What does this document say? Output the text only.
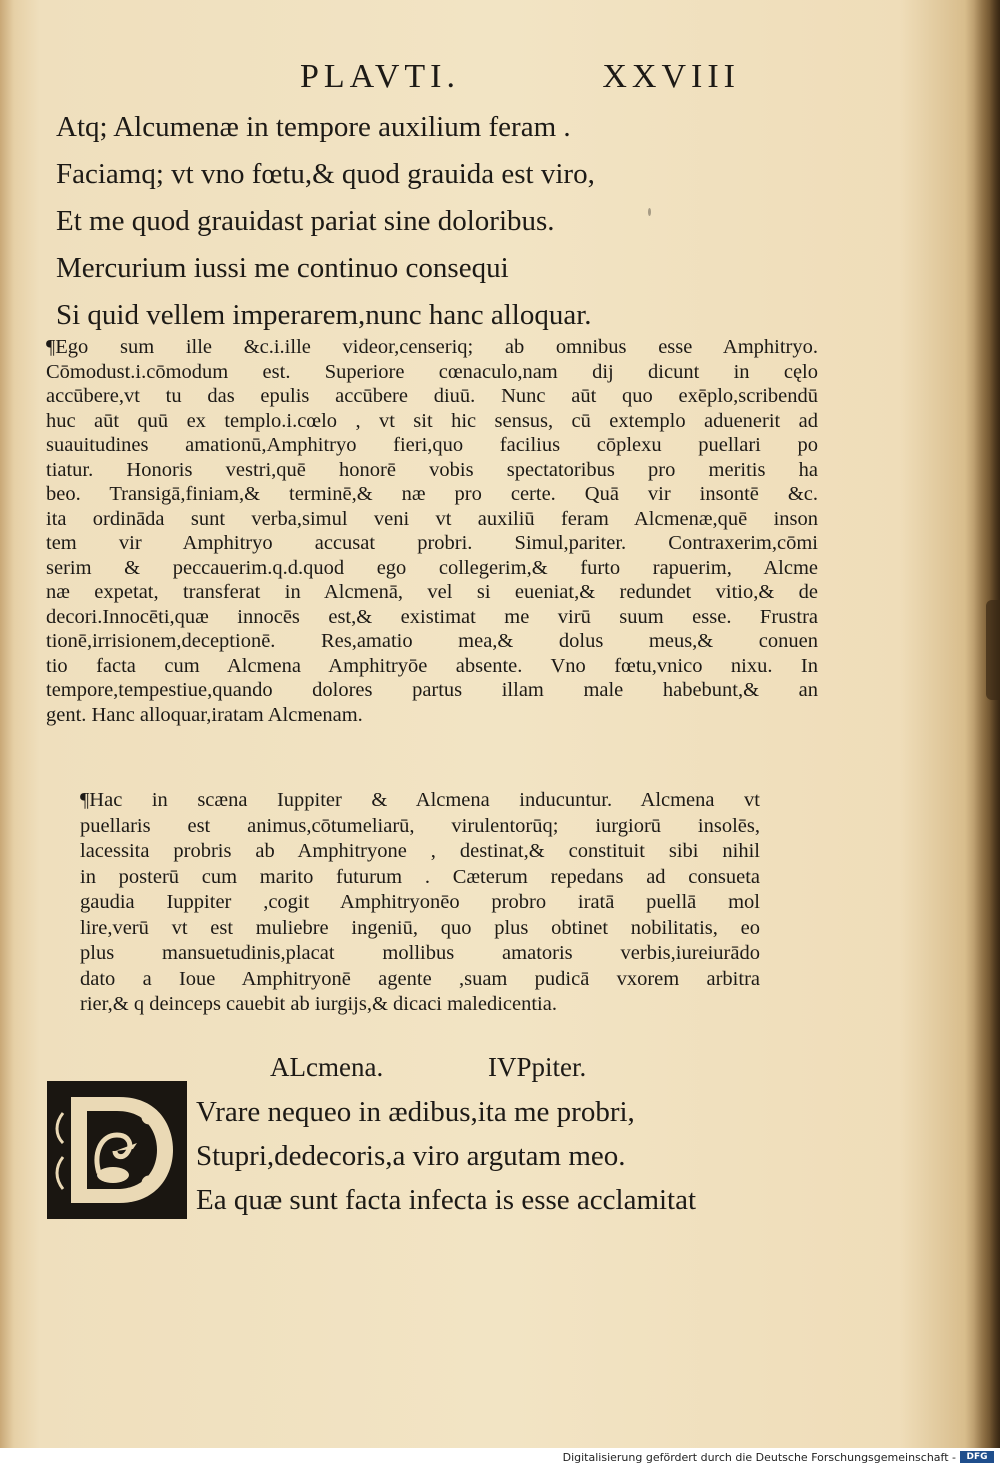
PLAVTI.	XXVIII
Atq; Alcumenæ in tempore auxilium feram .
Faciamq; vt vno fœtu,& quod grauida est viro,
Et me quod grauidast pariat sine doloribus.
Mercurium iussi me continuo consequi
Si quid vellem imperarem,nunc hanc alloquar.
¶Ego sum ille &c.i.ille videor,censeriq; ab omnibus esse Amphitryo.
Cōmodust.i.cōmodum est. Superiore cœnaculo,nam dij dicunt in cęlo
accūbere,vt tu das epulis accūbere diuū. Nunc aūt quo exēplo,scribendū
huc aūt quū ex templo.i.cœlo , vt sit hic sensus, cū extemplo aduenerit ad
suauitudines amationū,Amphitryo fieri,quo facilius cōplexu puellari po
tiatur. Honoris vestri,quē honorē vobis spectatoribus pro meritis ha
beo. Transigā,finiam,& terminē,& næ pro certe. Quā vir insontē &c.
ita ordināda sunt verba,simul veni vt auxiliū feram Alcmenæ,quē inson
tem vir Amphitryo accusat probri. Simul,pariter. Contraxerim,cōmi
serim & peccauerim.q.d.quod ego collegerim,& furto rapuerim, Alcme
næ expetat, transferat in Alcmenā, vel si eueniat,& redundet vitio,& de
decori.Innocēti,quæ innocēs est,& existimat me virū suum esse. Frustra
tionē,irrisionem,deceptionē. Res,amatio mea,& dolus meus,& conuen
tio facta cum Alcmena Amphitryōe absente. Vno fœtu,vnico nixu. In
tempore,tempestiue,quando dolores partus illam male habebunt,& an
gent. Hanc alloquar,iratam Alcmenam.
¶Hac in scæna Iuppiter & Alcmena inducuntur. Alcmena vt
puellaris est animus,cōtumeliarū, virulentorūq; iurgiorū insolēs,
lacessita probris ab Amphitryone , destinat,& constituit sibi nihil
in posterū cum marito futurum . Cæterum repedans ad consueta
gaudia Iuppiter ,cogit Amphitryonēo probro iratā puellā mol
lire,verū vt est muliebre ingeniū, quo plus obtinet nobilitatis, eo
plus mansuetudinis,placat mollibus amatoris verbis,iureiurādo
dato a Ioue Amphitryonē agente ,suam pudicā vxorem arbitra
rier,& q deinceps cauebit ab iurgijs,& dicaci maledicentia.
ALcmena.	IVPpiter.
Vrare nequeo in ædibus,ita me probri,
Stupri,dedecoris,a viro argutam meo.
Ea quæ sunt facta infecta is esse acclamitat
Digitalisierung gefördert durch die Deutsche Forschungsgemeinschaft -	DFG
